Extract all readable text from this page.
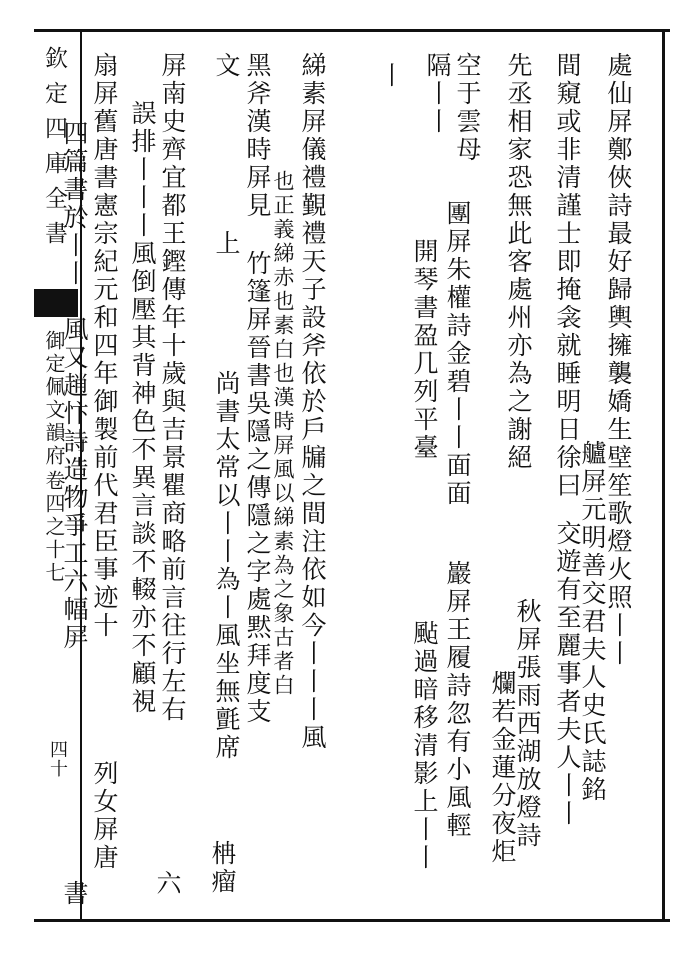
欽定四庫全書
御定佩文韻府
卷四之十七
四十
處仙屏鄭俠詩最好歸輿擁襲嬌生壁笙歌燈火照丨丨
間窺或非清謹士即掩衾就睡明日徐曰
先丞相家恐無此客處州亦為之謝絕
空于雲母
隔丨丨
團屏朱權詩金碧丨丨面面
開琴書盈几列平臺
巖屏王履詩忽有小風輕
颭過暗移清影上丨丨	秋屏張雨西湖放燈詩
爛若金蓮分夜炬 艫屏元明善交君夫人史氏誌銘
交遊有至麗事者夫人丨丨
丨
綈素屏儀禮覲禮天子設斧依於戶牖之間注依如今丨丨丨風
黑斧漢時屏見
文
也正義綈赤也素白也漢時屏風以綈素為之象古者白
竹篷屏晉書吳隱之傳隱之字處黙拜度支
上
尚書太常以丨丨為丨風坐無氈席
柟瘤
屏南史齊宜都王鏗傳年十歲與吉景瞿商略前言往行左右
誤排丨丨丨風倒壓其背神色不異言談不輟亦不顧視
六
扇屏舊唐書憲宗紀元和四年御製前代君臣事迹十
四篇書於丨丨丨風又趙忭詩造物爭工六幅屏
列女屏唐
書
